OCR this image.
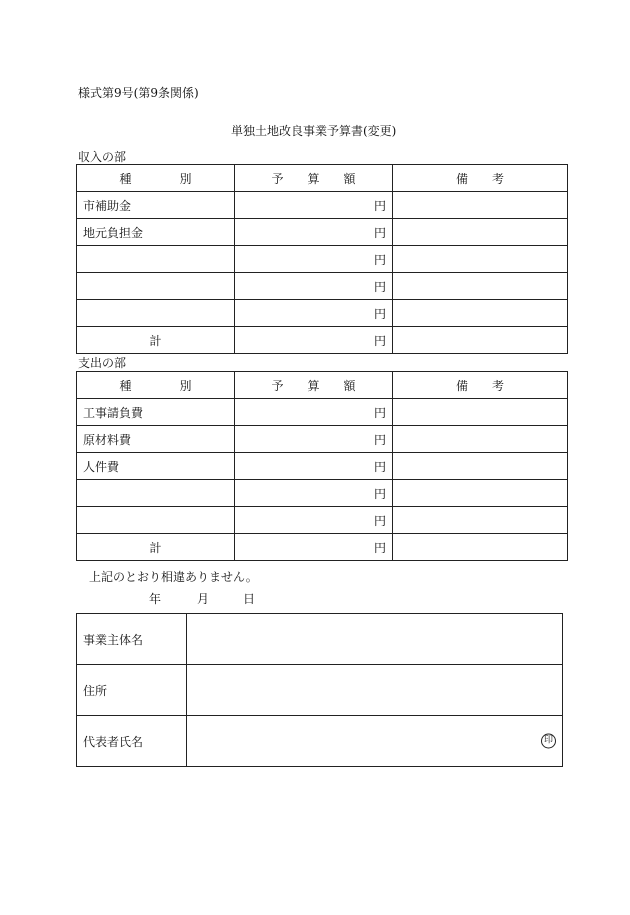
様式第9号(第9条関係)
単独土地改良事業予算書(変更)
収入の部
種　　　　別	予　　算　　額	備　　考
市補助金	円	
地元負担金	円	
	円	
	円	
	円	
計	円	
支出の部
種　　　　別	予　　算　　額	備　　考
工事請負費	円	
原材料費	円	
人件費	円	
	円	
	円	
計	円	
上記のとおり相違ありません。
年	月	日
事業主体名	
住所	
代表者氏名	印
